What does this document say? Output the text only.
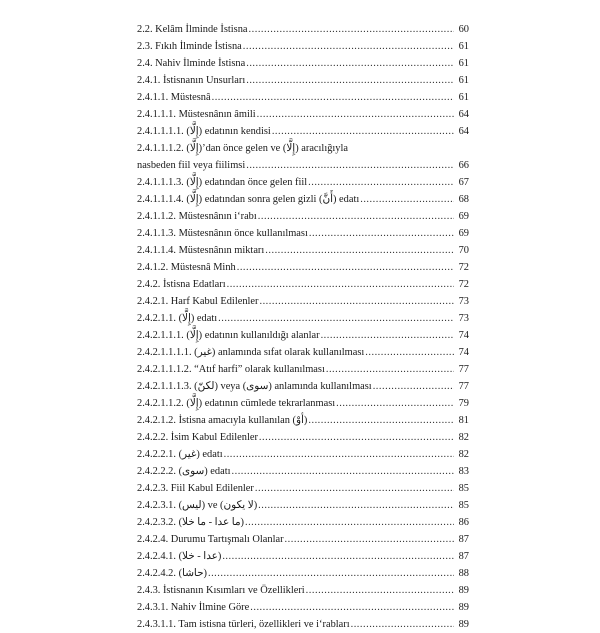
2.2. Kelâm İlminde İstisna .....	60
2.3. Fıkıh İlminde İstisna .....	61
2.4. Nahiv İlminde İstisna .....	61
2.4.1. İstisnanın Unsurları .....	61
2.4.1.1. Müstesnâ .....	61
2.4.1.1.1. Müstesnânın âmili .....	64
2.4.1.1.1.1. (إِلَّا) edatının kendisi .....	64
2.4.1.1.1.2. (إِلَّا)’dan önce gelen ve (إِلَّا) aracılığıyla
nasbeden fiil veya fiilimsi .....	66
2.4.1.1.1.3. (إِلَّا) edatından önce gelen fiil .....	67
2.4.1.1.1.4. (إِلَّا) edatından sonra gelen gizli (أَنَّ) edatı .....	68
2.4.1.1.2. Müstesnânın i‘rabı .....	69
2.4.1.1.3. Müstesnânın önce kullanılması .....	69
2.4.1.1.4. Müstesnânın miktarı .....	70
2.4.1.2. Müstesnâ Minh .....	72
2.4.2. İstisna Edatları .....	72
2.4.2.1. Harf Kabul Edilenler .....	73
2.4.2.1.1. (إِلَّا) edatı .....	73
2.4.2.1.1.1. (إِلَّا) edatının kullanıldığı alanlar .....	74
2.4.2.1.1.1.1. (غير) anlamında sıfat olarak kullanılması .....	74
2.4.2.1.1.1.2. “Atıf harfi” olarak kullanılması .....	77
2.4.2.1.1.1.3. (لكنّ) veya (سوى) anlamında kullanılması .....	77
2.4.2.1.1.2. (إِلَّا) edatının cümlede tekrarlanması .....	79
2.4.2.1.2. İstisna amacıyla kullanılan (أوْ) .....	81
2.4.2.2. İsim Kabul Edilenler .....	82
2.4.2.2.1. (غير) edatı .....	82
2.4.2.2.2. (سوى) edatı .....	83
2.4.2.3. Fiil Kabul Edilenler .....	85
2.4.2.3.1. (ليس) ve (لا يكون) .....	85
2.4.2.3.2. (ما عدا - ما خلا) .....	86
2.4.2.4. Durumu Tartışmalı Olanlar .....	87
2.4.2.4.1. (عدا - خلا) .....	87
2.4.2.4.2. (حاشا) .....	88
2.4.3. İstisnanın Kısımları ve Özellikleri .....	89
2.4.3.1. Nahiv İlmine Göre .....	89
2.4.3.1.1. Tam istisna türleri, özellikleri ve i‘rabları .....	89
